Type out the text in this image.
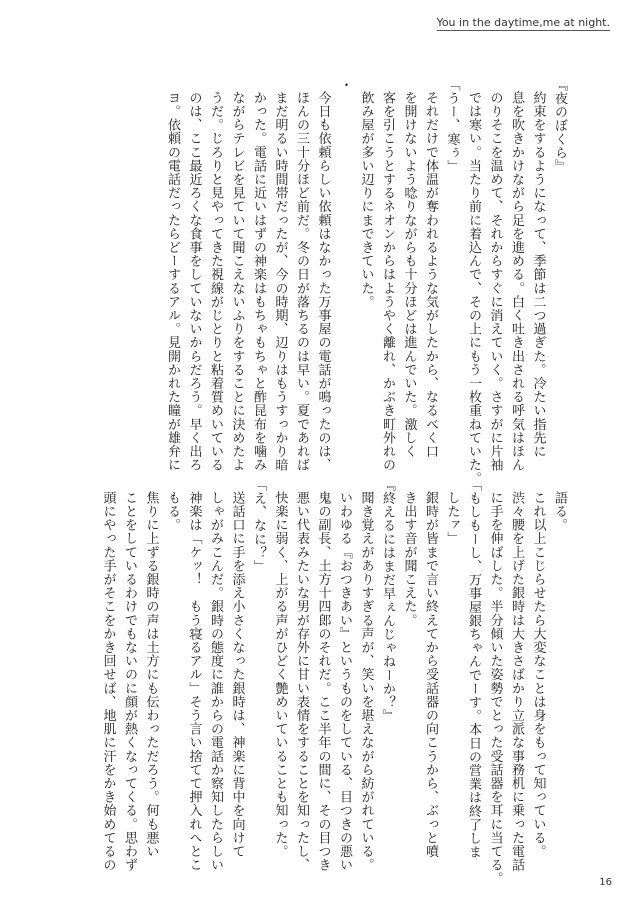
You in the daytime,me at night.
『夜のぼくら』
約束をするようになって、季節は二つ過ぎた。冷たい指先に
息を吹きかけながら足を進める。白く吐き出される呼気はほん
のりそこを温めて、それからすぐに消えていく。さすがに片袖
では寒い。当たり前に着込んで、その上にもう一枚重ねていた。
「うー、寒ぅ」
それだけで体温が奪われるような気がしたから、なるべく口
を開けないよう唸りながらも十分ほどは進んでいた。激しく
客を引こうとするネオンからはようやく離れ、かぶき町外れの
飲み屋が多い辺りにまできていた。
・
今日も依頼らしい依頼はなかった万事屋の電話が鳴ったのは、
ほんの三十分ほど前だ。冬の日が落ちるのは早い。夏であれば
まだ明るい時間帯だったが、今の時期、辺りはもうすっかり暗
かった。電話に近いはずの神楽はもちゃもちゃと酢昆布を噛み
ながらテレビを見ていて聞こえないふりをすることに決めたよ
うだ。じろりと見やってきた視線がじとりと粘着質めいている
のは、ここ最近ろくな食事をしていないからだろう。早く出ろ
ヨ。依頼の電話だったらどーするアル。見開かれた瞳が雄弁に
語る。
これ以上こじらせたら大変なことは身をもって知っている。
渋々腰を上げた銀時は大きさばかり立派な事務机に乗った電話
に手を伸ばした。半分傾いた姿勢でとった受話器を耳に当てる。
「もしもーし、万事屋銀ちゃんでーす。本日の営業は終了しま
したァ」
銀時が皆まで言い終えてから受話器の向こうから、ぶっと噴
き出す音が聞こえた。
『終えるにはまだ早ぇんじゃねーか？』
聞き覚えがありすぎる声が、笑いを堪えながら紡がれている。
いわゆる『おつきあい』というものをしている、目つきの悪い
鬼の副長、土方十四郎のそれだ。ここ半年の間に、その目つき
悪い代表みたいな男が存外に甘い表情をすることを知ったし、
快楽に弱く、上がる声がひどく艶めいていることも知った。
「え、なに？」
送話口に手を添え小さくなった銀時は、神楽に背中を向けて
しゃがみこんだ。銀時の態度に誰からの電話か察知したらしい
神楽は「ケッ！　もう寝るアル」そう言い捨てて押入れへとこ
もる。
焦りに上ずる銀時の声は土方にも伝わっただろう。何も悪い
ことをしているわけでもないのに顔が熱くなってくる。思わず
頭にやった手がそこをかき回せば、地肌に汗をかき始めてるの
16
